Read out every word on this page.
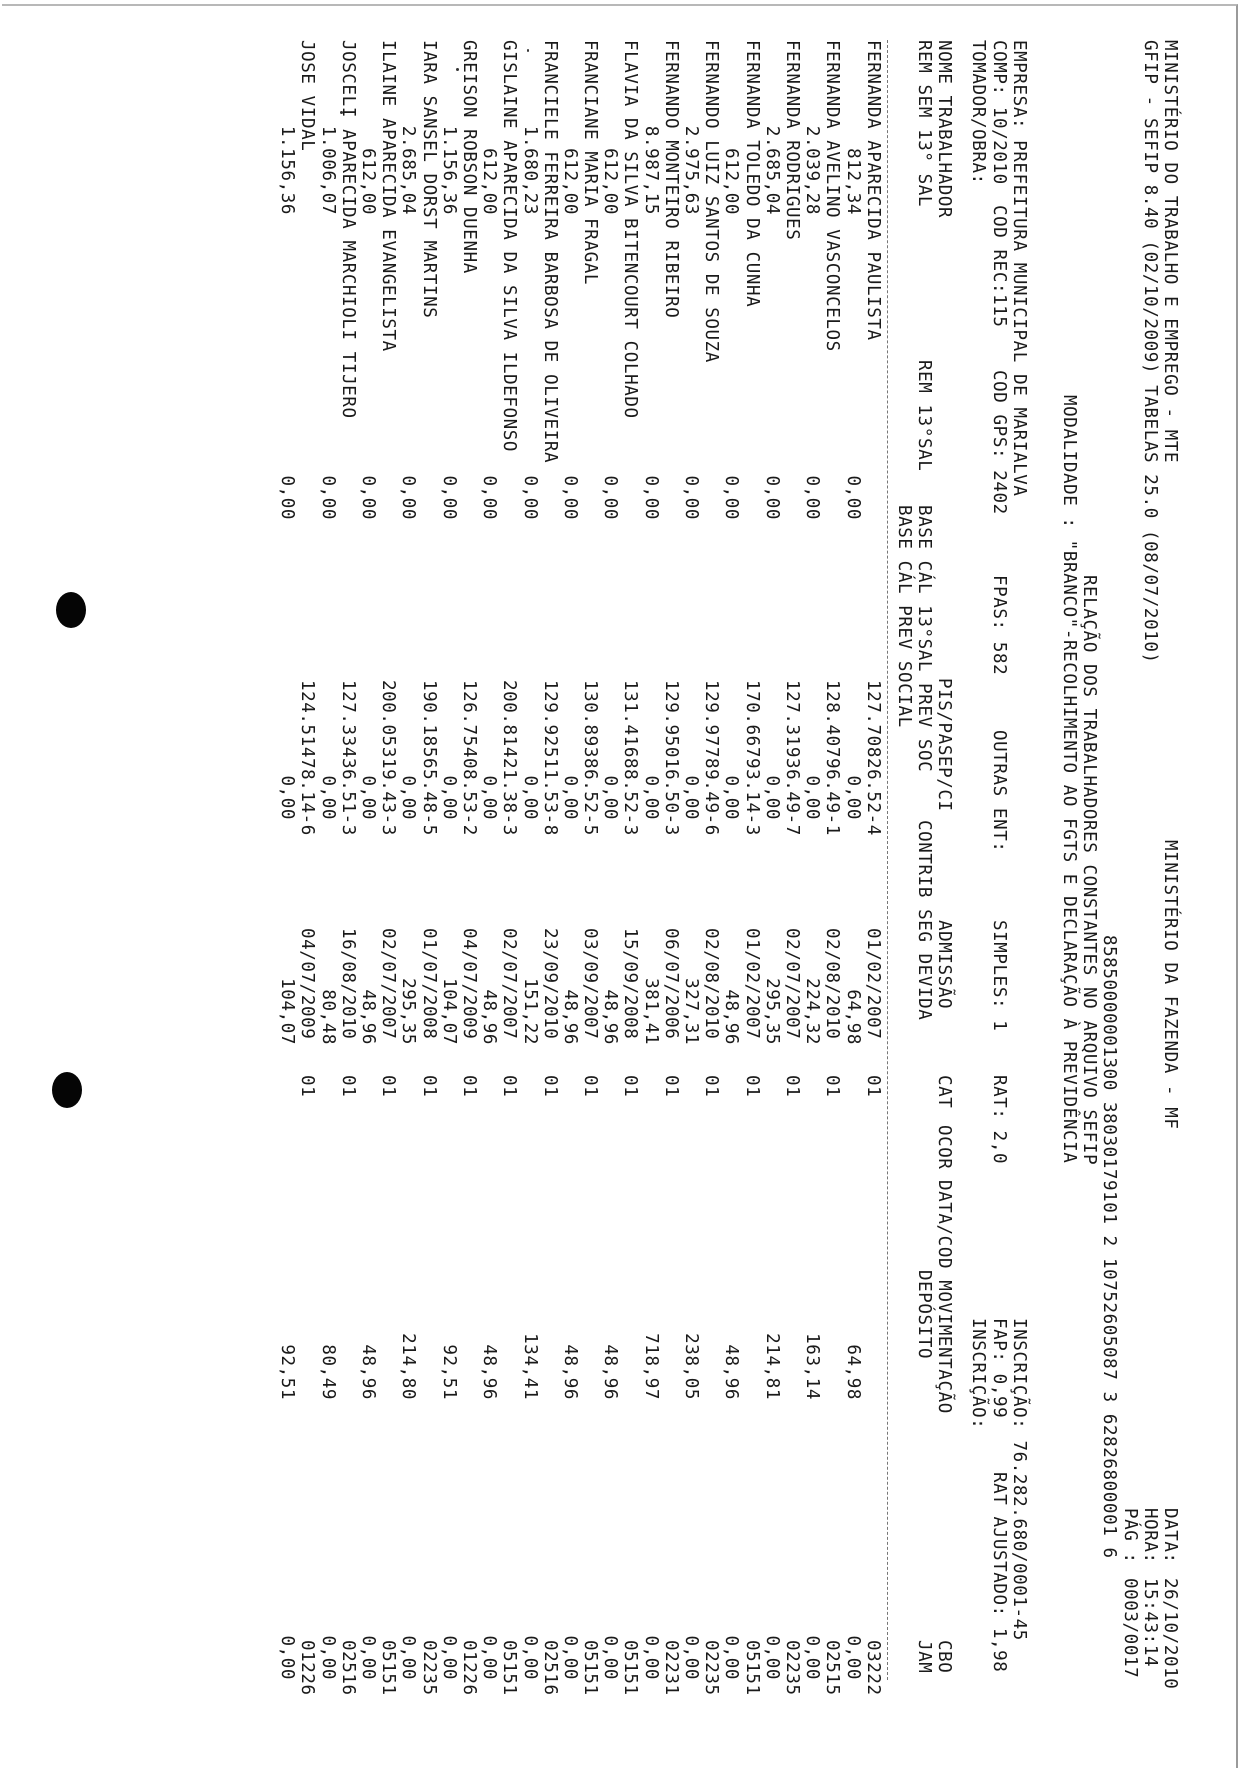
MINISTÉRIO DO TRABALHO E EMPREGO - MTE
MINISTÉRIO DA FAZENDA - MF
DATA:
26/10/2010
GFIP - SEFIP 8.40 (02/10/2009) TABELAS 25.0 (08/07/2010)
HORA:
15:43:14
PÁG :
0003/0017
85850000001300 38030179101 2 10752605087 3 62826800001 6
RELAÇÃO DOS TRABALHADORES CONSTANTES NO ARQUIVO SEFIP
MODALIDADE : "BRANCO"-RECOLHIMENTO AO FGTS E DECLARAÇÃO À PREVIDÊNCIA
EMPRESA: PREFEITURA MUNICIPAL DE MARIALVA
INSCRIÇÃO: 76.282.680/0001-45
COMP: 10/2010
COD REC:115
COD GPS: 2402
FPAS: 582
OUTRAS ENT:
SIMPLES: 1
RAT: 2,0
FAP: 0,99
RAT AJUSTADO: 1,98
TOMADOR/OBRA:
INSCRIÇÃO:
NOME TRABALHADOR
PIS/PASEP/CI
ADMISSÃO
CAT
OCOR
DATA/COD MOVIMENTAÇÃO
CBO
REM SEM 13° SAL
REM 13°SAL
BASE CÁL 13°SAL PREV SOC
CONTRIB SEG DEVIDA
DEPÓSITO
JAM
BASE CÁL PREV SOCIAL
FERNANDA APARECIDA PAULISTA
127.70826.52-4
01/02/2007
01
03222
812,34
0,00
0,00
64,98
64,98
0,00
FERNANDA AVELINO VASCONCELOS
128.40796.49-1
02/08/2010
01
02515
2.039,28
0,00
0,00
224,32
163,14
0,00
FERNANDA RODRIGUES
127.31936.49-7
02/07/2007
01
02235
2.685,04
0,00
0,00
295,35
214,81
0,00
FERNANDA TOLEDO DA CUNHA
170.66793.14-3
01/02/2007
01
05151
612,00
0,00
0,00
48,96
48,96
0,00
FERNANDO LUIZ SANTOS DE SOUZA
129.97789.49-6
02/08/2010
01
02235
2.975,63
0,00
0,00
327,31
238,05
0,00
FERNANDO MONTEIRO RIBEIRO
129.95016.50-3
06/07/2006
01
02231
8.987,15
0,00
0,00
381,41
718,97
0,00
FLAVIA DA SILVA BITENCOURT COLHADO
131.41688.52-3
15/09/2008
01
05151
612,00
0,00
0,00
48,96
48,96
0,00
FRANCIANE MARIA FRAGAL
130.89386.52-5
03/09/2007
01
05151
612,00
0,00
0,00
48,96
48,96
0,00
FRANCIELE FERREIRA BARBOSA DE OLIVEIRA
129.92511.53-8
23/09/2010
01
02516
1.680,23
0,00
0,00
151,22
134,41
0,00
GISLAINE APARECIDA DA SILVA ILDEFONSO
200.81421.38-3
02/07/2007
01
05151
612,00
0,00
0,00
48,96
48,96
0,00
GREISON ROBSON DUENHA
126.75408.53-2
04/07/2009
01
01226
1.156,36
0,00
0,00
104,07
92,51
0,00
IARA SANSEL DORST MARTINS
190.18565.48-5
01/07/2008
01
02235
2.685,04
0,00
0,00
295,35
214,80
0,00
ILAINE APARECIDA EVANGELISTA
200.05319.43-3
02/07/2007
01
05151
612,00
0,00
0,00
48,96
48,96
0,00
JOSCELI APARECIDA MARCHIOLI TIJERO
127.33436.51-3
16/08/2010
01
02516
1.006,07
0,00
0,00
80,48
80,49
0,00
JOSE VIDAL
124.51478.14-6
04/07/2009
01
01226
1.156,36
0,00
0,00
104,07
92,51
0,00
